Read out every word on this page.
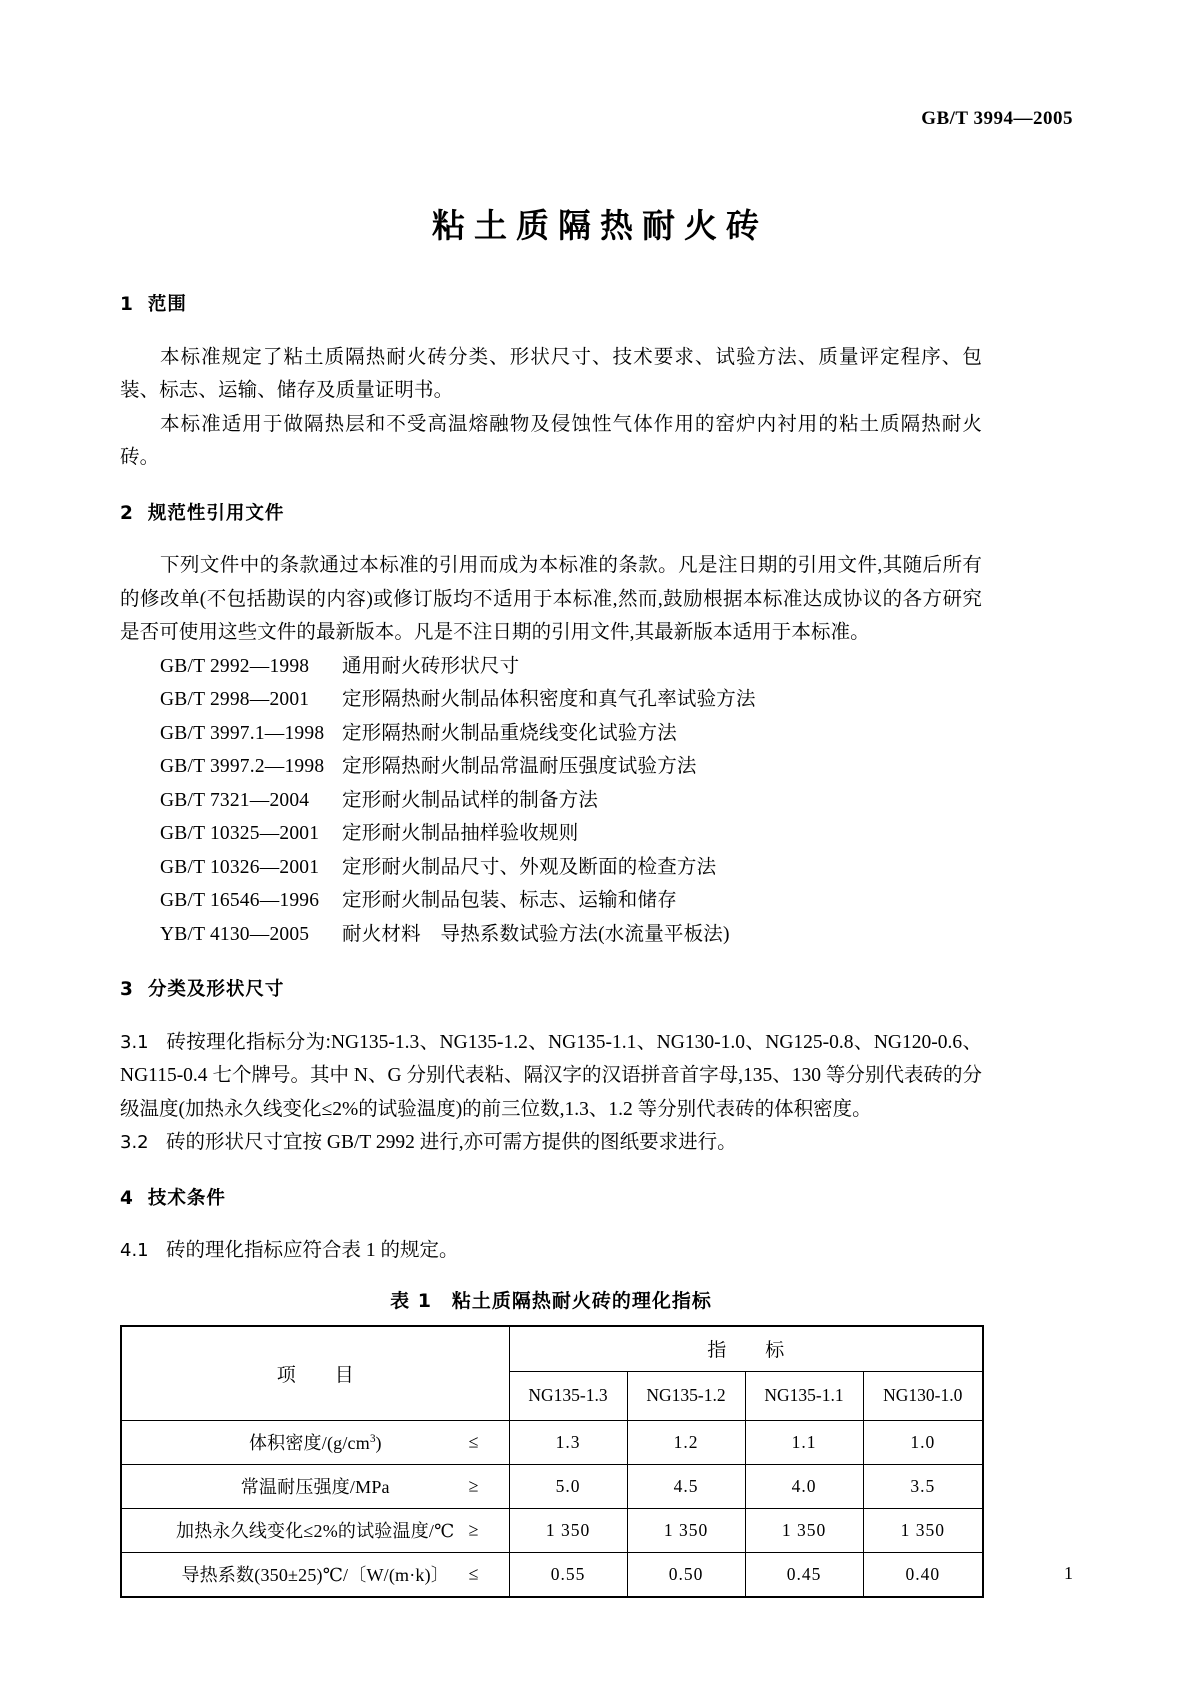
GB/T 3994—2005
粘土质隔热耐火砖
1 范围

本标准规定了粘土质隔热耐火砖分类、形状尺寸、技术要求、试验方法、质量评定程序、包装、标志、运输、储存及质量证明书。

本标准适用于做隔热层和不受高温熔融物及侵蚀性气体作用的窑炉内衬用的粘土质隔热耐火砖。

2 规范性引用文件

下列文件中的条款通过本标准的引用而成为本标准的条款。凡是注日期的引用文件,其随后所有的修改单(不包括勘误的内容)或修订版均不适用于本标准,然而,鼓励根据本标准达成协议的各方研究是否可使用这些文件的最新版本。凡是不注日期的引用文件,其最新版本适用于本标准。

GB/T 2992—1998 通用耐火砖形状尺寸
GB/T 2998—2001 定形隔热耐火制品体积密度和真气孔率试验方法
GB/T 3997.1—1998 定形隔热耐火制品重烧线变化试验方法
GB/T 3997.2—1998 定形隔热耐火制品常温耐压强度试验方法
GB/T 7321—2004 定形耐火制品试样的制备方法
GB/T 10325—2001 定形耐火制品抽样验收规则
GB/T 10326—2001 定形耐火制品尺寸、外观及断面的检查方法
GB/T 16546—1996 定形耐火制品包装、标志、运输和储存
YB/T 4130—2005 耐火材料　导热系数试验方法(水流量平板法)
3 分类及形状尺寸

3.1 砖按理化指标分为:NG135-1.3、NG135-1.2、NG135-1.1、NG130-1.0、NG125-0.8、NG120-0.6、NG115-0.4 七个牌号。其中 N、G 分别代表粘、隔汉字的汉语拼音首字母,135、130 等分别代表砖的分级温度(加热永久线变化≤2%的试验温度)的前三位数,1.3、1.2 等分别代表砖的体积密度。

3.2 砖的形状尺寸宜按 GB/T 2992 进行,亦可需方提供的图纸要求进行。

4 技术条件

4.1 砖的理化指标应符合表 1 的规定。

表 1　粘土质隔热耐火砖的理化指标
项　目	指　标			
	NG135-1.3	NG135-1.2	NG135-1.1	NG130-1.0
体积密度$/(g/cm^3)$ ≤	1.3	1.2	1.1	1.0
常温耐压强度/MPa ≥	5.0	4.5	4.0	3.5
加热永久线变化≤2%的试验温度/℃ ≥	1 350	1 350	1 350	1 350
导热系数(350±25)℃/〔W/(m·k)〕 ≤	0.55	0.50	0.45	0.40	1
